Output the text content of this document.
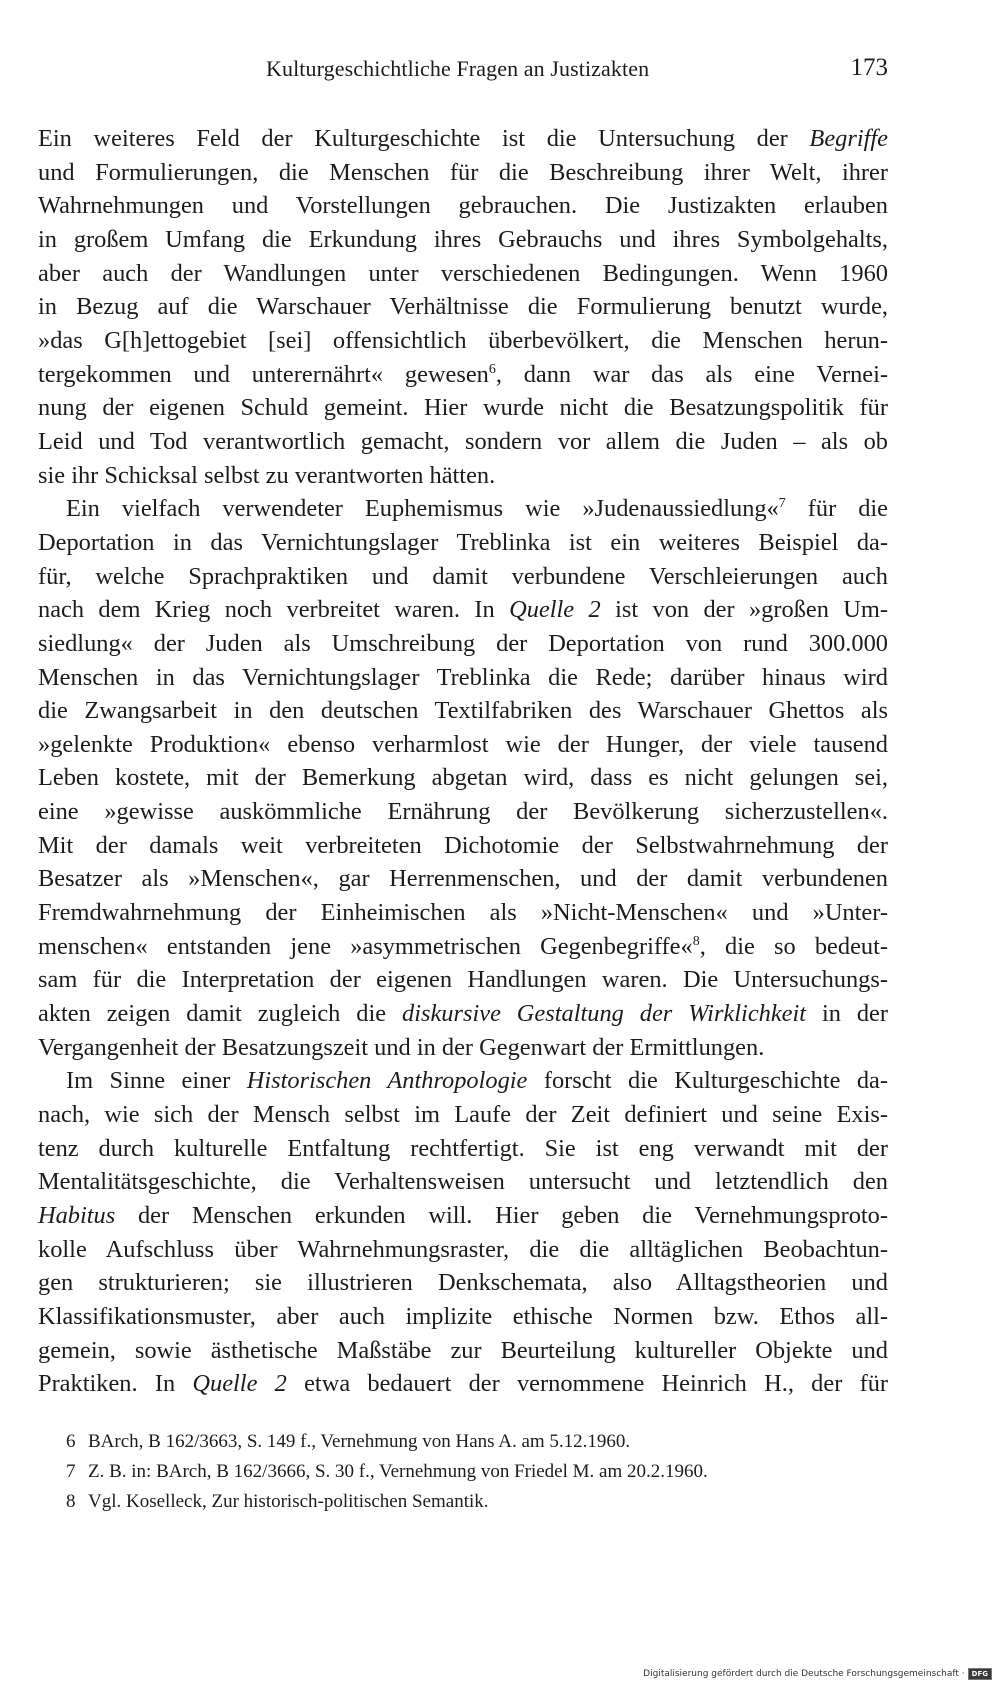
Kulturgeschichtliche Fragen an Justizakten	173
Ein weiteres Feld der Kulturgeschichte ist die Untersuchung der Begriffe
und Formulierungen, die Menschen für die Beschreibung ihrer Welt, ihrer
Wahrnehmungen und Vorstellungen gebrauchen. Die Justizakten erlauben
in großem Umfang die Erkundung ihres Gebrauchs und ihres Symbolgehalts,
aber auch der Wandlungen unter verschiedenen Bedingungen. Wenn 1960
in Bezug auf die Warschauer Verhältnisse die Formulierung benutzt wurde,
»das G[h]ettogebiet [sei] offensichtlich überbevölkert, die Menschen herun-
tergekommen und unterernährt« gewesen$^6$, dann war das als eine Vernei-
nung der eigenen Schuld gemeint. Hier wurde nicht die Besatzungspolitik für
Leid und Tod verantwortlich gemacht, sondern vor allem die Juden – als ob
sie ihr Schicksal selbst zu verantworten hätten.
Ein vielfach verwendeter Euphemismus wie »Judenaussiedlung«$^7$ für die
Deportation in das Vernichtungslager Treblinka ist ein weiteres Beispiel da-
für, welche Sprachpraktiken und damit verbundene Verschleierungen auch
nach dem Krieg noch verbreitet waren. In Quelle 2 ist von der »großen Um-
siedlung« der Juden als Umschreibung der Deportation von rund 300.000
Menschen in das Vernichtungslager Treblinka die Rede; darüber hinaus wird
die Zwangsarbeit in den deutschen Textilfabriken des Warschauer Ghettos als
»gelenkte Produktion« ebenso verharmlost wie der Hunger, der viele tausend
Leben kostete, mit der Bemerkung abgetan wird, dass es nicht gelungen sei,
eine »gewisse auskömmliche Ernährung der Bevölkerung sicherzustellen«.
Mit der damals weit verbreiteten Dichotomie der Selbstwahrnehmung der
Besatzer als »Menschen«, gar Herrenmenschen, und der damit verbundenen
Fremdwahrnehmung der Einheimischen als »Nicht-Menschen« und »Unter-
menschen« entstanden jene »asymmetrischen Gegenbegriffe«$^8$, die so bedeut-
sam für die Interpretation der eigenen Handlungen waren. Die Untersuchungs-
akten zeigen damit zugleich die diskursive Gestaltung der Wirklichkeit in der
Vergangenheit der Besatzungszeit und in der Gegenwart der Ermittlungen.
Im Sinne einer Historischen Anthropologie forscht die Kulturgeschichte da-
nach, wie sich der Mensch selbst im Laufe der Zeit definiert und seine Exis-
tenz durch kulturelle Entfaltung rechtfertigt. Sie ist eng verwandt mit der
Mentalitätsgeschichte, die Verhaltensweisen untersucht und letztendlich den
Habitus der Menschen erkunden will. Hier geben die Vernehmungsproto-
kolle Aufschluss über Wahrnehmungsraster, die die alltäglichen Beobachtun-
gen strukturieren; sie illustrieren Denkschemata, also Alltagstheorien und
Klassifikationsmuster, aber auch implizite ethische Normen bzw. Ethos all-
gemein, sowie ästhetische Maßstäbe zur Beurteilung kultureller Objekte und
Praktiken. In Quelle 2 etwa bedauert der vernommene Heinrich H., der für
6 BArch, B 162/3663, S. 149 f., Vernehmung von Hans A. am 5.12.1960.
7 Z. B. in: BArch, B 162/3666, S. 30 f., Vernehmung von Friedel M. am 20.2.1960.
8 Vgl. Koselleck, Zur historisch-politischen Semantik.
Digitalisierung gefördert durch die Deutsche Forschungsgemeinschaft ·	DFG
